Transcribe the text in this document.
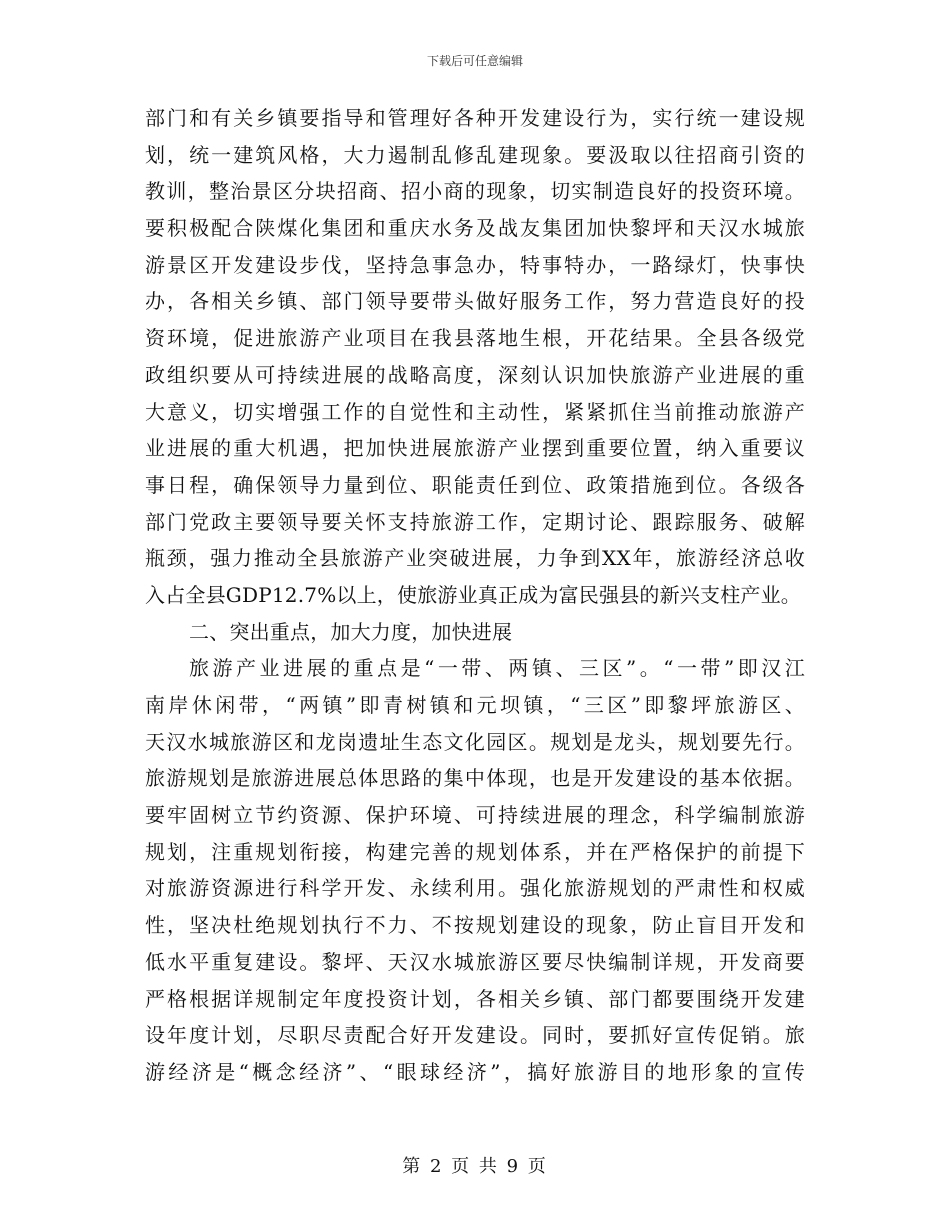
下载后可任意编辑
部门和有关乡镇要指导和管理好各种开发建设行为，实行统一建设规
划，统一建筑风格，大力遏制乱修乱建现象。要汲取以往招商引资的
教训，整治景区分块招商、招小商的现象，切实制造良好的投资环境。
要积极配合陕煤化集团和重庆水务及战友集团加快黎坪和天汉水城旅
游景区开发建设步伐，坚持急事急办，特事特办，一路绿灯，快事快
办，各相关乡镇、部门领导要带头做好服务工作，努力营造良好的投
资环境，促进旅游产业项目在我县落地生根，开花结果。全县各级党
政组织要从可持续进展的战略高度，深刻认识加快旅游产业进展的重
大意义，切实增强工作的自觉性和主动性，紧紧抓住当前推动旅游产
业进展的重大机遇，把加快进展旅游产业摆到重要位置，纳入重要议
事日程，确保领导力量到位、职能责任到位、政策措施到位。各级各
部门党政主要领导要关怀支持旅游工作，定期讨论、跟踪服务、破解
瓶颈，强力推动全县旅游产业突破进展，力争到XX年，旅游经济总收
入占全县GDP12.7%以上，使旅游业真正成为富民强县的新兴支柱产业。
二、突出重点，加大力度，加快进展
旅游产业进展的重点是“一带、两镇、三区”。“一带”即汉江
南岸休闲带，“两镇”即青树镇和元坝镇，“三区”即黎坪旅游区、
天汉水城旅游区和龙岗遗址生态文化园区。规划是龙头，规划要先行。
旅游规划是旅游进展总体思路的集中体现，也是开发建设的基本依据。
要牢固树立节约资源、保护环境、可持续进展的理念，科学编制旅游
规划，注重规划衔接，构建完善的规划体系，并在严格保护的前提下
对旅游资源进行科学开发、永续利用。强化旅游规划的严肃性和权威
性，坚决杜绝规划执行不力、不按规划建设的现象，防止盲目开发和
低水平重复建设。黎坪、天汉水城旅游区要尽快编制详规，开发商要
严格根据详规制定年度投资计划，各相关乡镇、部门都要围绕开发建
设年度计划，尽职尽责配合好开发建设。同时，要抓好宣传促销。旅
游经济是“概念经济”、“眼球经济”，搞好旅游目的地形象的宣传
第 2 页 共 9 页
